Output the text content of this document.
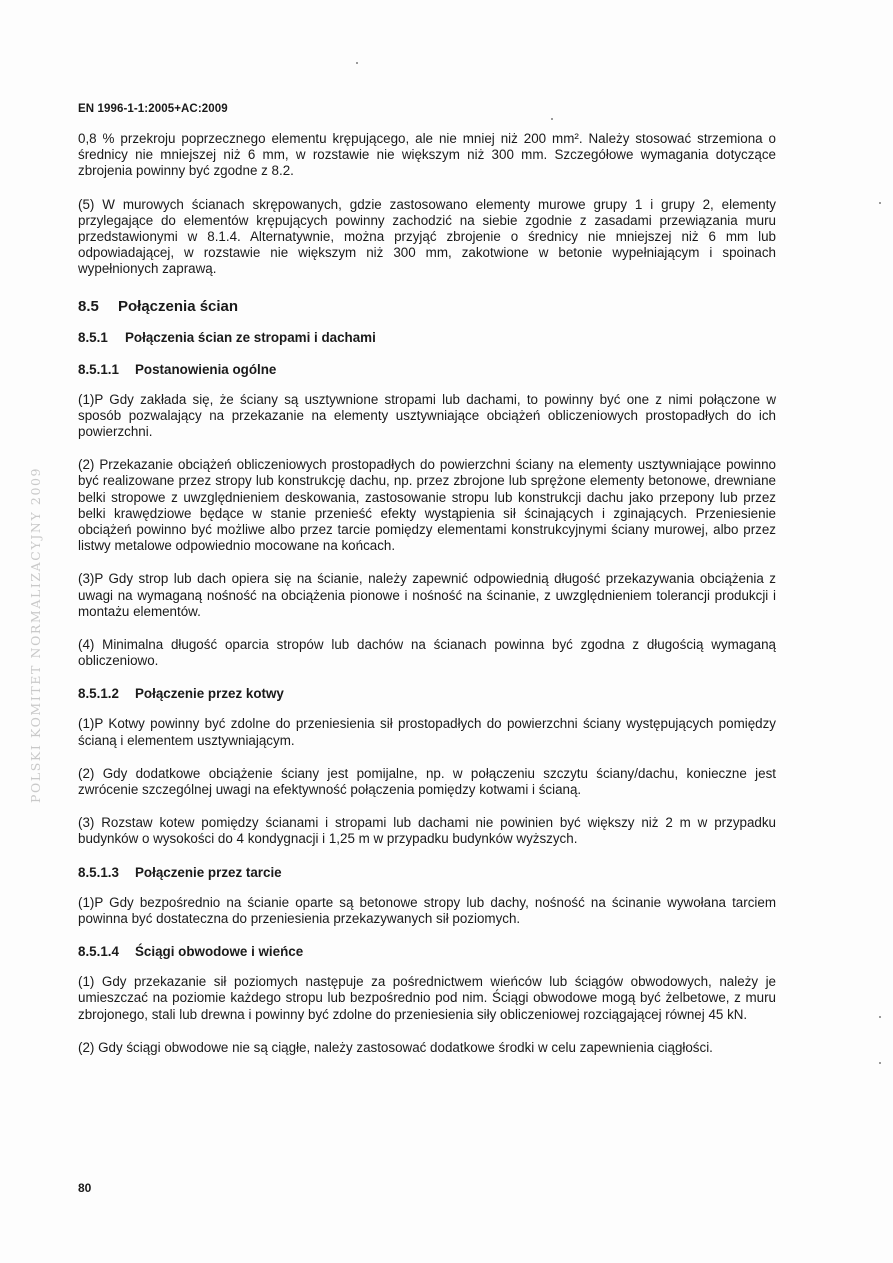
EN 1996-1-1:2005+AC:2009
POLSKI KOMITET NORMALIZACYJNY 2009

0,8 % przekroju poprzecznego elementu krępującego, ale nie mniej niż 200 mm². Należy stosować strzemiona o średnicy nie mniejszej niż 6 mm, w rozstawie nie większym niż 300 mm. Szczegółowe wymagania dotyczące zbrojenia powinny być zgodne z 8.2.

(5) W murowych ścianach skrępowanych, gdzie zastosowano elementy murowe grupy 1 i grupy 2, elementy przylegające do elementów krępujących powinny zachodzić na siebie zgodnie z zasadami przewiązania muru przedstawionymi w 8.1.4. Alternatywnie, można przyjąć zbrojenie o średnicy nie mniejszej niż 6 mm lub odpowiadającej, w rozstawie nie większym niż 300 mm, zakotwione w betonie wypełniającym i spoinach wypełnionych zaprawą.

8.5 Połączenia ścian
8.5.1 Połączenia ścian ze stropami i dachami
8.5.1.1 Postanowienia ogólne

(1)P Gdy zakłada się, że ściany są usztywnione stropami lub dachami, to powinny być one z nimi połączone w sposób pozwalający na przekazanie na elementy usztywniające obciążeń obliczeniowych prostopadłych do ich powierzchni.

(2) Przekazanie obciążeń obliczeniowych prostopadłych do powierzchni ściany na elementy usztywniające powinno być realizowane przez stropy lub konstrukcję dachu, np. przez zbrojone lub sprężone elementy betonowe, drewniane belki stropowe z uwzględnieniem deskowania, zastosowanie stropu lub konstrukcji dachu jako przepony lub przez belki krawędziowe będące w stanie przenieść efekty wystąpienia sił ścinających i zginających. Przeniesienie obciążeń powinno być możliwe albo przez tarcie pomiędzy elementami konstrukcyjnymi ściany murowej, albo przez listwy metalowe odpowiednio mocowane na końcach.

(3)P Gdy strop lub dach opiera się na ścianie, należy zapewnić odpowiednią długość przekazywania obciążenia z uwagi na wymaganą nośność na obciążenia pionowe i nośność na ścinanie, z uwzględnieniem tolerancji produkcji i montażu elementów.

(4) Minimalna długość oparcia stropów lub dachów na ścianach powinna być zgodna z długością wymaganą obliczeniowo.

8.5.1.2 Połączenie przez kotwy

(1)P Kotwy powinny być zdolne do przeniesienia sił prostopadłych do powierzchni ściany występujących pomiędzy ścianą i elementem usztywniającym.

(2) Gdy dodatkowe obciążenie ściany jest pomijalne, np. w połączeniu szczytu ściany/dachu, konieczne jest zwrócenie szczególnej uwagi na efektywność połączenia pomiędzy kotwami i ścianą.

(3) Rozstaw kotew pomiędzy ścianami i stropami lub dachami nie powinien być większy niż 2 m w przypadku budynków o wysokości do 4 kondygnacji i 1,25 m w przypadku budynków wyższych.

8.5.1.3 Połączenie przez tarcie

(1)P Gdy bezpośrednio na ścianie oparte są betonowe stropy lub dachy, nośność na ścinanie wywołana tarciem powinna być dostateczna do przeniesienia przekazywanych sił poziomych.

8.5.1.4 Ściągi obwodowe i wieńce

(1) Gdy przekazanie sił poziomych następuje za pośrednictwem wieńców lub ściągów obwodowych, należy je umieszczać na poziomie każdego stropu lub bezpośrednio pod nim. Ściągi obwodowe mogą być żelbetowe, z muru zbrojonego, stali lub drewna i powinny być zdolne do przeniesienia siły obliczeniowej rozciągającej równej 45 kN.

(2) Gdy ściągi obwodowe nie są ciągłe, należy zastosować dodatkowe środki w celu zapewnienia ciągłości.

80
